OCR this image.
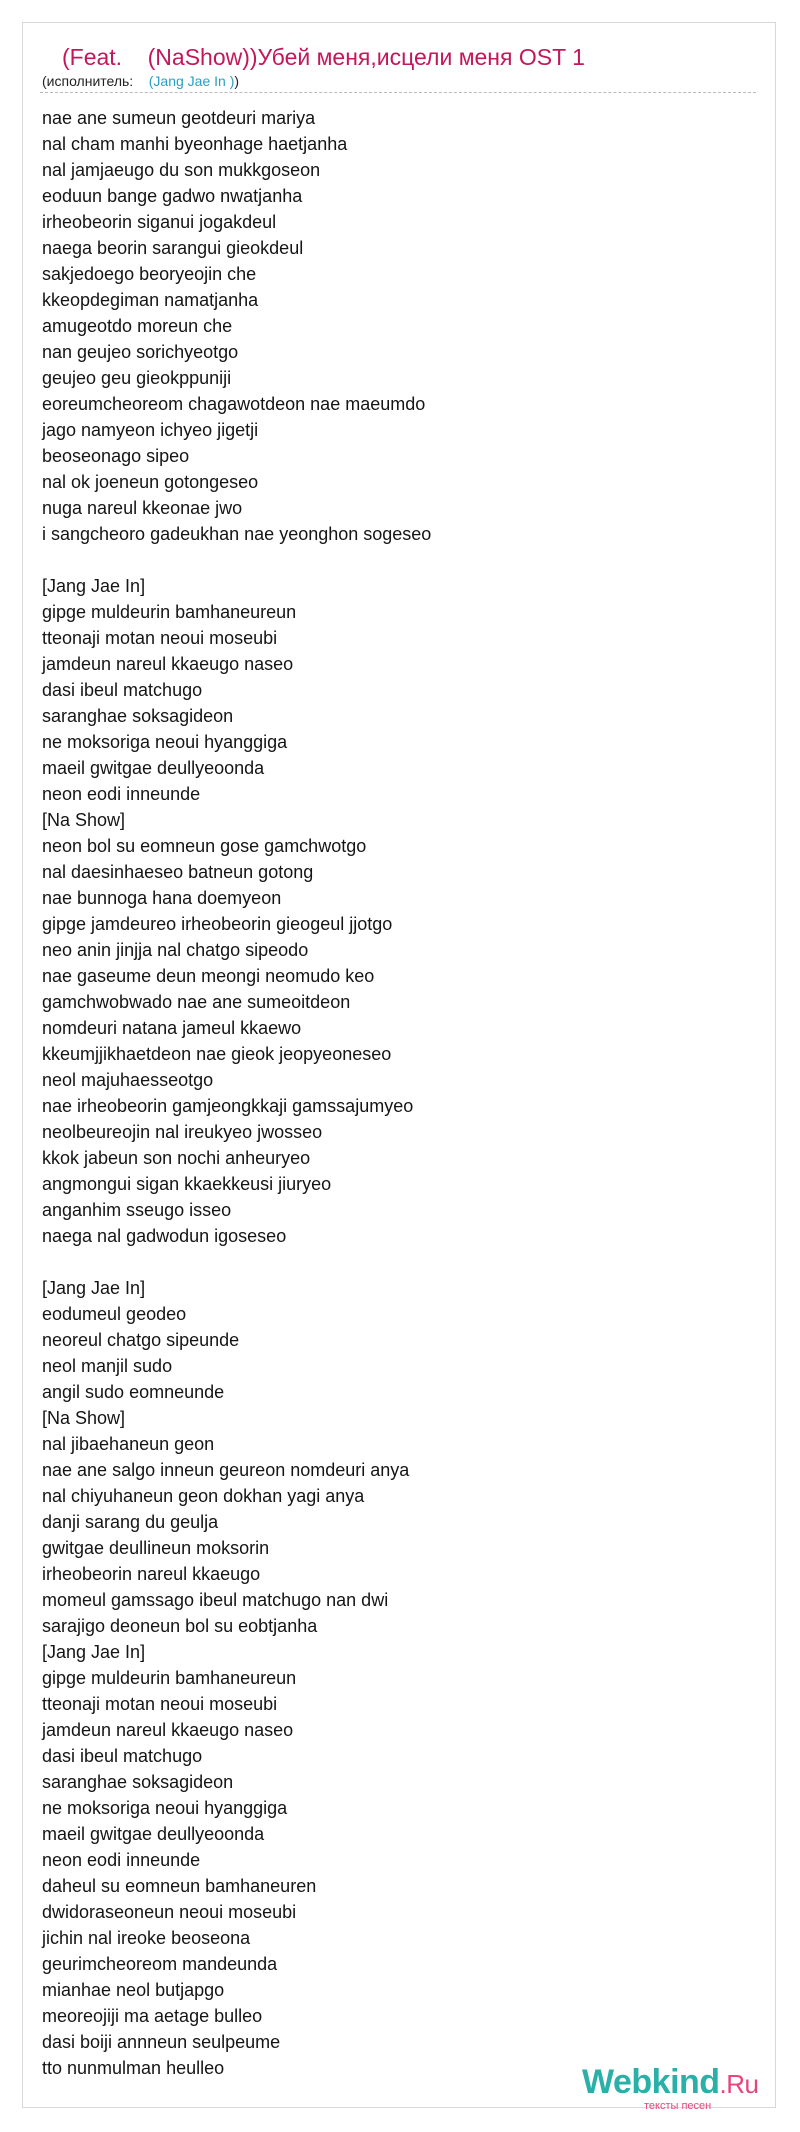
(Feat.    (NaShow))Убей меня,исцели меня OST 1
(исполнитель: (Jang Jae In ))
nae ane sumeun geotdeuri mariya
nal cham manhi byeonhage haetjanha
nal jamjaeugo du son mukkgoseon
eoduun bange gadwo nwatjanha
irheobeorin siganui jogakdeul
naega beorin sarangui gieokdeul
sakjedoego beoryeojin che
kkeopdegiman namatjanha
amugeotdo moreun che
nan geujeo sorichyeotgo
geujeo geu gieokppuniji
eoreumcheoreom chagawotdeon nae maeumdo
jago namyeon ichyeo jigetji
beoseonago sipeo
nal ok joeneun gotongeseo
nuga nareul kkeonae jwo
i sangcheoro gadeukhan nae yeonghon sogeseo
[Jang Jae In]
gipge muldeurin bamhaneureun
tteonaji motan neoui moseubi
jamdeun nareul kkaeugo naseo
dasi ibeul matchugo
saranghae soksagideon
ne moksoriga neoui hyanggiga
maeil gwitgae deullyeoonda
neon eodi inneunde
[Na Show]
neon bol su eomneun gose gamchwotgo
nal daesinhaeseo batneun gotong
nae bunnoga hana doemyeon
gipge jamdeureo irheobeorin gieogeul jjotgo
neo anin jinjja nal chatgo sipeodo
nae gaseume deun meongi neomudo keo
gamchwobwado nae ane sumeoitdeon
nomdeuri natana jameul kkaewo
kkeumjjikhaetdeon nae gieok jeopyeoneseo
neol majuhaesseotgo
nae irheobeorin gamjeongkkaji gamssajumyeo
neolbeureojin nal ireukyeo jwosseo
kkok jabeun son nochi anheuryeo
angmongui sigan kkaekkeusi jiuryeo
anganhim sseugo isseo
naega nal gadwodun igoseseo
[Jang Jae In]
eodumeul geodeo
neoreul chatgo sipeunde
neol manjil sudo
angil sudo eomneunde
[Na Show]
nal jibaehaneun geon
nae ane salgo inneun geureon nomdeuri anya
nal chiyuhaneun geon dokhan yagi anya
danji sarang du geulja
gwitgae deullineun moksorin
irheobeorin nareul kkaeugo
momeul gamssago ibeul matchugo nan dwi
sarajigo deoneun bol su eobtjanha
[Jang Jae In]
gipge muldeurin bamhaneureun
tteonaji motan neoui moseubi
jamdeun nareul kkaeugo naseo
dasi ibeul matchugo
saranghae soksagideon
ne moksoriga neoui hyanggiga
maeil gwitgae deullyeoonda
neon eodi inneunde
daheul su eomneun bamhaneuren
dwidoraseoneun neoui moseubi
jichin nal ireoke beoseona
geurimcheoreom mandeunda
mianhae neol butjapgo
meoreojiji ma aetage bulleo
dasi boiji annneun seulpeume
tto nunmulman heulleo	Webkind.Ru
тексты песен
